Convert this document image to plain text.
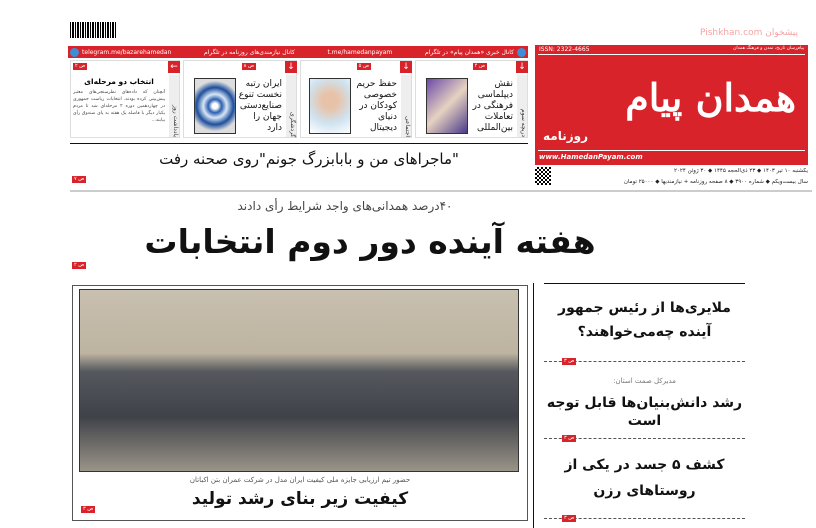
کانال خبری «همدان پیام» در تلگرام
t.me/hamedanpayam
کانال نیازمندی‌های روزنامه در تلگرام
telegram.me/bazarehamedan
↓
ص ۴
دریچه سوم
نقش دیپلماسی فرهنگی در تعاملات بین‌المللی
↓
ص ۵
اجتماعی
حفظ حریم خصوصی کودکان در دنیای دیجیتال
↓
ص ۸
گردشگری
ایران رتبه نخست تنوع صنایع‌دستی جهان را دارد
←
ص ۲
یادداشت روز
انتخاب دو مرحله‌ای
آنچنان که داده‌های نظرسنجی‌های معتبر پیش‌بینی کرده بودند، انتخابات ریاست جمهوری در چهاردهمین دوره ۲ مرحله‌ای شد تا مردم یکبار دیگر با فاصله یک هفته به پای صندوق رأی بیایند...
"ماجراهای من و بابابزرگ جونم"روی صحنه رفت
ص ۷
ISSN: 2322-4665	پیام‌رسان تاریخ، تمدن و فرهنگ همدان
همدان پیام
روزنامه
www.HamedanPayam.com
پیشخوان Pishkhan.com
یکشنبه ۱۰ تیر ۱۴۰۳ ◆ ۲۳ ذی‌الحجه ۱۴۴۵ ◆ ۳۰ ژوئن ۲۰۲۴
سال بیست‌ویکم ◆ شماره ۳۹۰۰ ◆ ۸ صفحه روزنامه + نیازمندیها ◆ ۲۵۰۰۰ تومان
۴۰درصد همدانی‌های واجد شرایط رأی دادند
هفته آینده دور دوم انتخابات
ص ۲
حضور تیم ارزیابی جایزه ملی کیفیت ایران مدل در شرکت عمران بتن اکباتان
کیفیت زیر بنای رشد تولید
ص ۳
ملایری‌ها از رئیس جمهور آینده چه‌می‌خواهند؟
ص ۳
مدیرکل صمت استان:
رشد دانش‌بنیان‌ها قابل توجه است
ص ۳
کشف ۵ جسد در یکی از روستاهای رزن
ص ۳
